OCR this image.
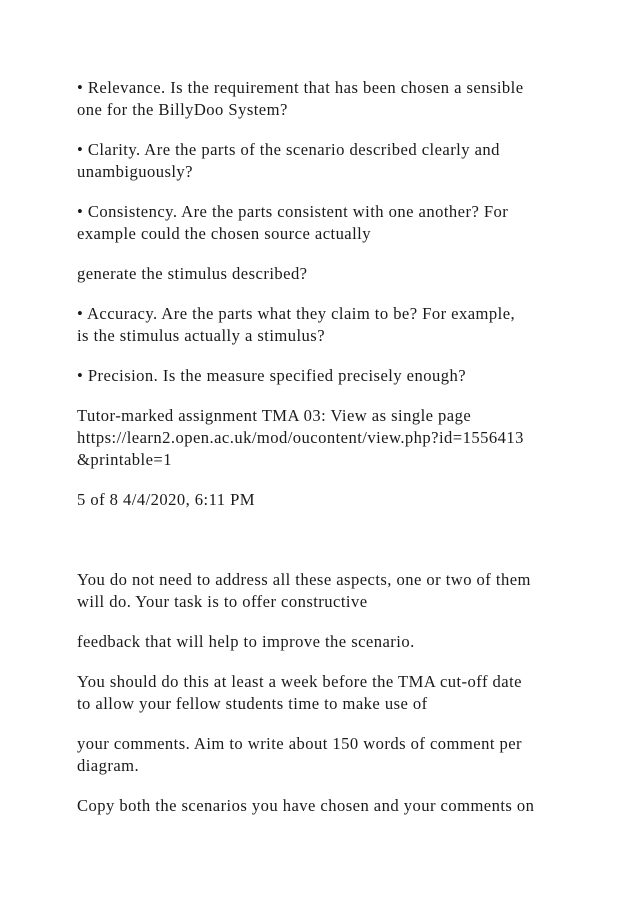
• Relevance. Is the requirement that has been chosen a sensible

one for the BillyDoo System?

• Clarity. Are the parts of the scenario described clearly and

unambiguously?

• Consistency. Are the parts consistent with one another? For

example could the chosen source actually

generate the stimulus described?

• Accuracy. Are the parts what they claim to be? For example,

is the stimulus actually a stimulus?

• Precision. Is the measure specified precisely enough?

Tutor-marked assignment TMA 03: View as single page

https://learn2.open.ac.uk/mod/oucontent/view.php?id=1556413

&printable=1

5 of 8 4/4/2020, 6:11 PM

You do not need to address all these aspects, one or two of them

will do. Your task is to offer constructive

feedback that will help to improve the scenario.

You should do this at least a week before the TMA cut-off date

to allow your fellow students time to make use of

your comments. Aim to write about 150 words of comment per

diagram.

Copy both the scenarios you have chosen and your comments on
